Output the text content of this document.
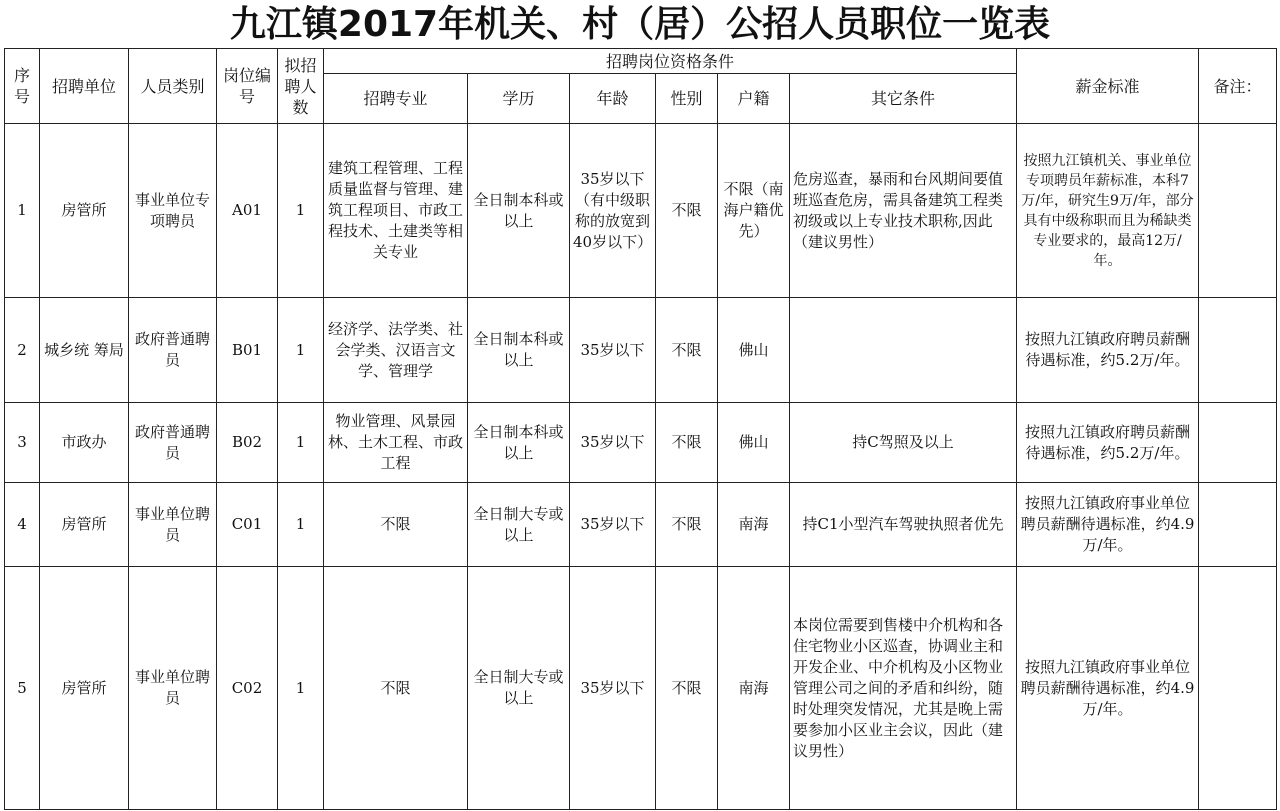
九江镇2017年机关、村（居）公招人员职位一览表
序号	招聘单位	人员类别	岗位编号	拟招聘人数	招聘岗位资格条件						薪金标准	备注：
					招聘专业	学历	年龄	性别	户籍	其它条件		
1	房管所	事业单位专项聘员	A01	1	建筑工程管理、工程质量监督与管理、建筑工程项目、市政工程技术、土建类等相关专业	全日制本科或以上	35岁以下（有中级职称的放宽到40岁以下）	不限	不限（南海户籍优先）	危房巡查，暴雨和台风期间要值班巡查危房，需具备建筑工程类初级或以上专业技术职称,因此（建议男性）	按照九江镇机关、事业单位专项聘员年薪标准，本科7万/年，研究生9万/年，部分具有中级称职而且为稀缺类专业要求的，最高12万/年。	
2	城乡统 筹局	政府普通聘员	B01	1	经济学、法学类、社会学类、汉语言文学、管理学	全日制本科或以上	35岁以下	不限	佛山		按照九江镇政府聘员薪酬待遇标准，约5.2万/年。	
3	市政办	政府普通聘员	B02	1	物业管理、风景园林、土木工程、市政工程	全日制本科或以上	35岁以下	不限	佛山	持C驾照及以上	按照九江镇政府聘员薪酬待遇标准，约5.2万/年。	
4	房管所	事业单位聘员	C01	1	不限	全日制大专或以上	35岁以下	不限	南海	持C1小型汽车驾驶执照者优先	按照九江镇政府事业单位聘员薪酬待遇标准，约4.9万/年。	
5	房管所	事业单位聘员	C02	1	不限	全日制大专或以上	35岁以下	不限	南海	本岗位需要到售楼中介机构和各住宅物业小区巡查，协调业主和开发企业、中介机构及小区物业管理公司之间的矛盾和纠纷，随时处理突发情况，尤其是晚上需要参加小区业主会议，因此（建议男性）	按照九江镇政府事业单位聘员薪酬待遇标准，约4.9万/年。	
